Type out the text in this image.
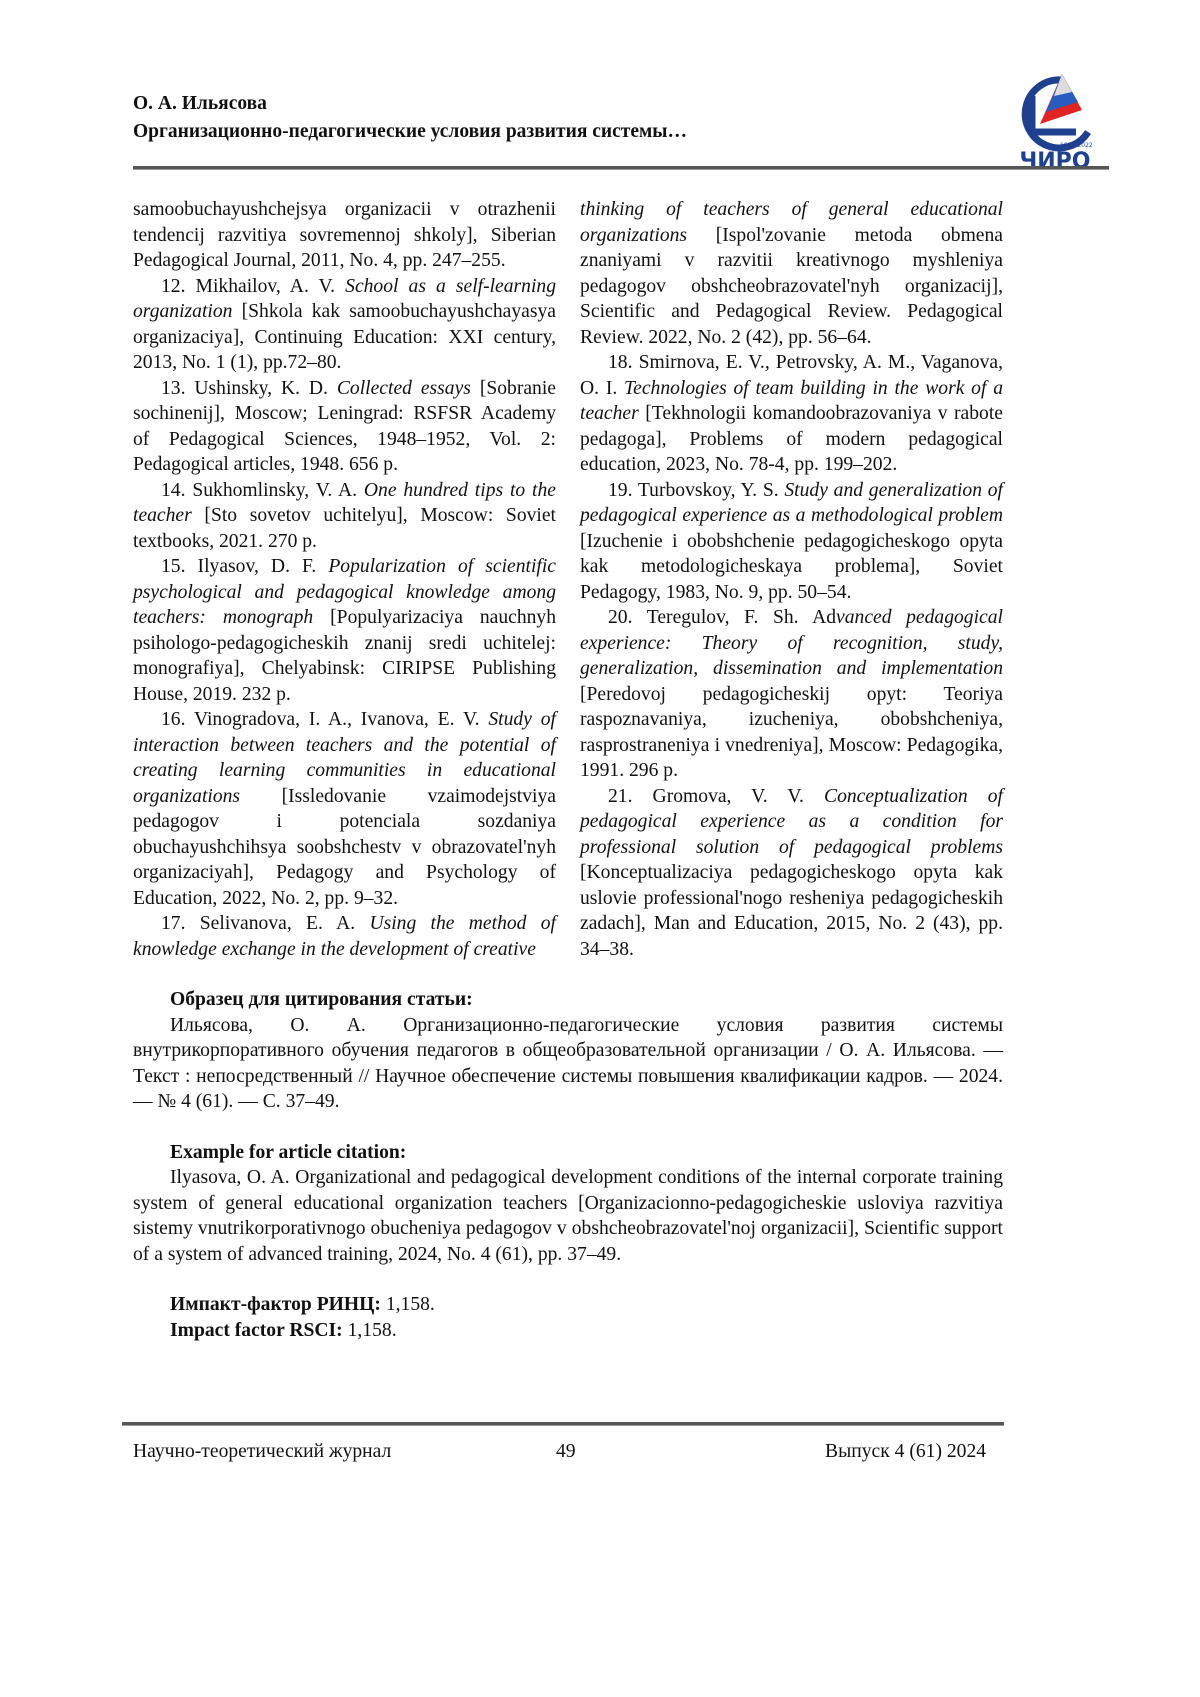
О. А. Ильясова
Организационно-педагогические условия развития системы…
1937-2022
ЧИРО

samoobuchayushchejsya organizacii v otrazhenii tendencij razvitiya sovremennoj shkoly], Siberian Pedagogical Journal, 2011, No. 4, pp. 247–255.

12. Mikhailov, A. V. School as a self-learning organization [Shkola kak samoobuchayushchayasya organizaciya], Continuing Education: XXI century, 2013, No. 1 (1), pp.72–80.

13. Ushinsky, K. D. Collected essays [Sobranie sochinenij], Moscow; Leningrad: RSFSR Academy of Pedagogical Sciences, 1948–1952, Vol. 2: Pedagogical articles, 1948. 656 p.

14. Sukhomlinsky, V. A. One hundred tips to the teacher [Sto sovetov uchitelyu], Moscow: Soviet textbooks, 2021. 270 p.

15. Ilyasov, D. F. Popularization of scientific psychological and pedagogical knowledge among teachers: monograph [Populyarizaciya nauchnyh psihologo-pedagogicheskih znanij sredi uchitelej: monografiya], Chelyabinsk: CIRIPSE Publishing House, 2019. 232 p.

16. Vinogradova, I. A., Ivanova, E. V. Study of interaction between teachers and the potential of creating learning communities in educational organizations [Issledovanie vzaimodejstviya pedagogov i potenciala sozdaniya obuchayushchihsya soobshchestv v obrazovatel'nyh organizaciyah], Pedagogy and Psychology of Education, 2022, No. 2, pp. 9–32.

17. Selivanova, E. A. Using the method of knowledge exchange in the development of creative

thinking of teachers of general educational organizations [Ispol'zovanie metoda obmena znaniyami v razvitii kreativnogo myshleniya pedagogov obshcheobrazovatel'nyh organizacij], Scientific and Pedagogical Review. Pedagogical Review. 2022, No. 2 (42), pp. 56–64.

18. Smirnova, E. V., Petrovsky, A. M., Vaganova, O. I. Technologies of team building in the work of a teacher [Tekhnologii komandoobrazovaniya v rabote pedagoga], Problems of modern pedagogical education, 2023, No. 78-4, pp. 199–202.

19. Turbovskoy, Y. S. Study and generalization of pedagogical experience as a methodological problem [Izuchenie i obobshchenie pedagogicheskogo opyta kak metodologicheskaya problema], Soviet Pedagogy, 1983, No. 9, pp. 50–54.

20. Teregulov, F. Sh. Advanced pedagogical experience: Theory of recognition, study, generalization, dissemination and implementation [Peredovoj pedagogicheskij opyt: Teoriya raspoznavaniya, izucheniya, obobshcheniya, rasprostraneniya i vnedreniya], Moscow: Pedagogika, 1991. 296 p.

21. Gromova, V. V. Conceptualization of pedagogical experience as a condition for professional solution of pedagogical problems [Konceptualizaciya pedagogicheskogo opyta kak uslovie professional'nogo resheniya pedagogicheskih zadach], Man and Education, 2015, No. 2 (43), pp. 34–38.

Образец для цитирования статьи:

Ильясова, О. А. Организационно-педагогические условия развития системы внутрикорпоративного обучения педагогов в общеобразовательной организации / О. А. Ильясова. — Текст : непосредственный // Научное обеспечение системы повышения квалификации кадров. — 2024. — № 4 (61). — С. 37–49.

Example for article citation:

Ilyasova, O. A. Organizational and pedagogical development conditions of the internal corporate training system of general educational organization teachers [Organizacionno-pedagogicheskie usloviya razvitiya sistemy vnutrikorporativnogo obucheniya pedagogov v obshcheobrazovatel'noj organizacii], Scientific support of a system of advanced training, 2024, No. 4 (61), pp. 37–49.

Импакт-фактор РИНЦ: 1,158.

Impact factor RSCI: 1,158.

Научно-теоретический журнал	49	Выпуск 4 (61) 2024
